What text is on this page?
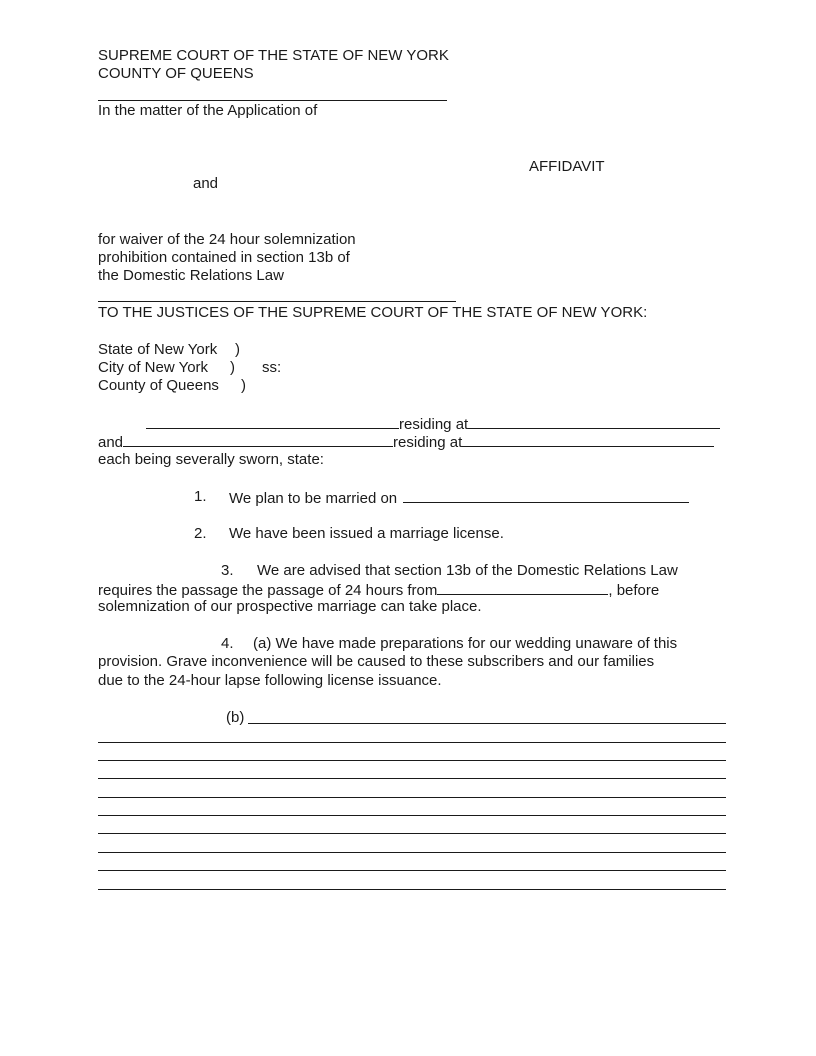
SUPREME COURT OF THE STATE OF NEW YORK
COUNTY OF QUEENS
In the matter of the Application of
AFFIDAVIT
and
for waiver of the 24 hour solemnization
prohibition contained in section 13b of
the Domestic Relations Law
TO THE JUSTICES OF THE SUPREME COURT OF THE STATE OF NEW YORK:
State of New York )
City of New York ) ss:
County of Queens )
residing at
and	residing at
each being severally sworn, state:
1. We plan to be married on
2. We have been issued a marriage license.
3. We are advised that section 13b of the Domestic Relations Law
requires the passage the passage of 24 hours from	, before
solemnization of our prospective marriage can take place.
4. (a) We have made preparations for our wedding unaware of this
provision. Grave inconvenience will be caused to these subscribers and our families
due to the 24-hour lapse following license issuance.
(b)
